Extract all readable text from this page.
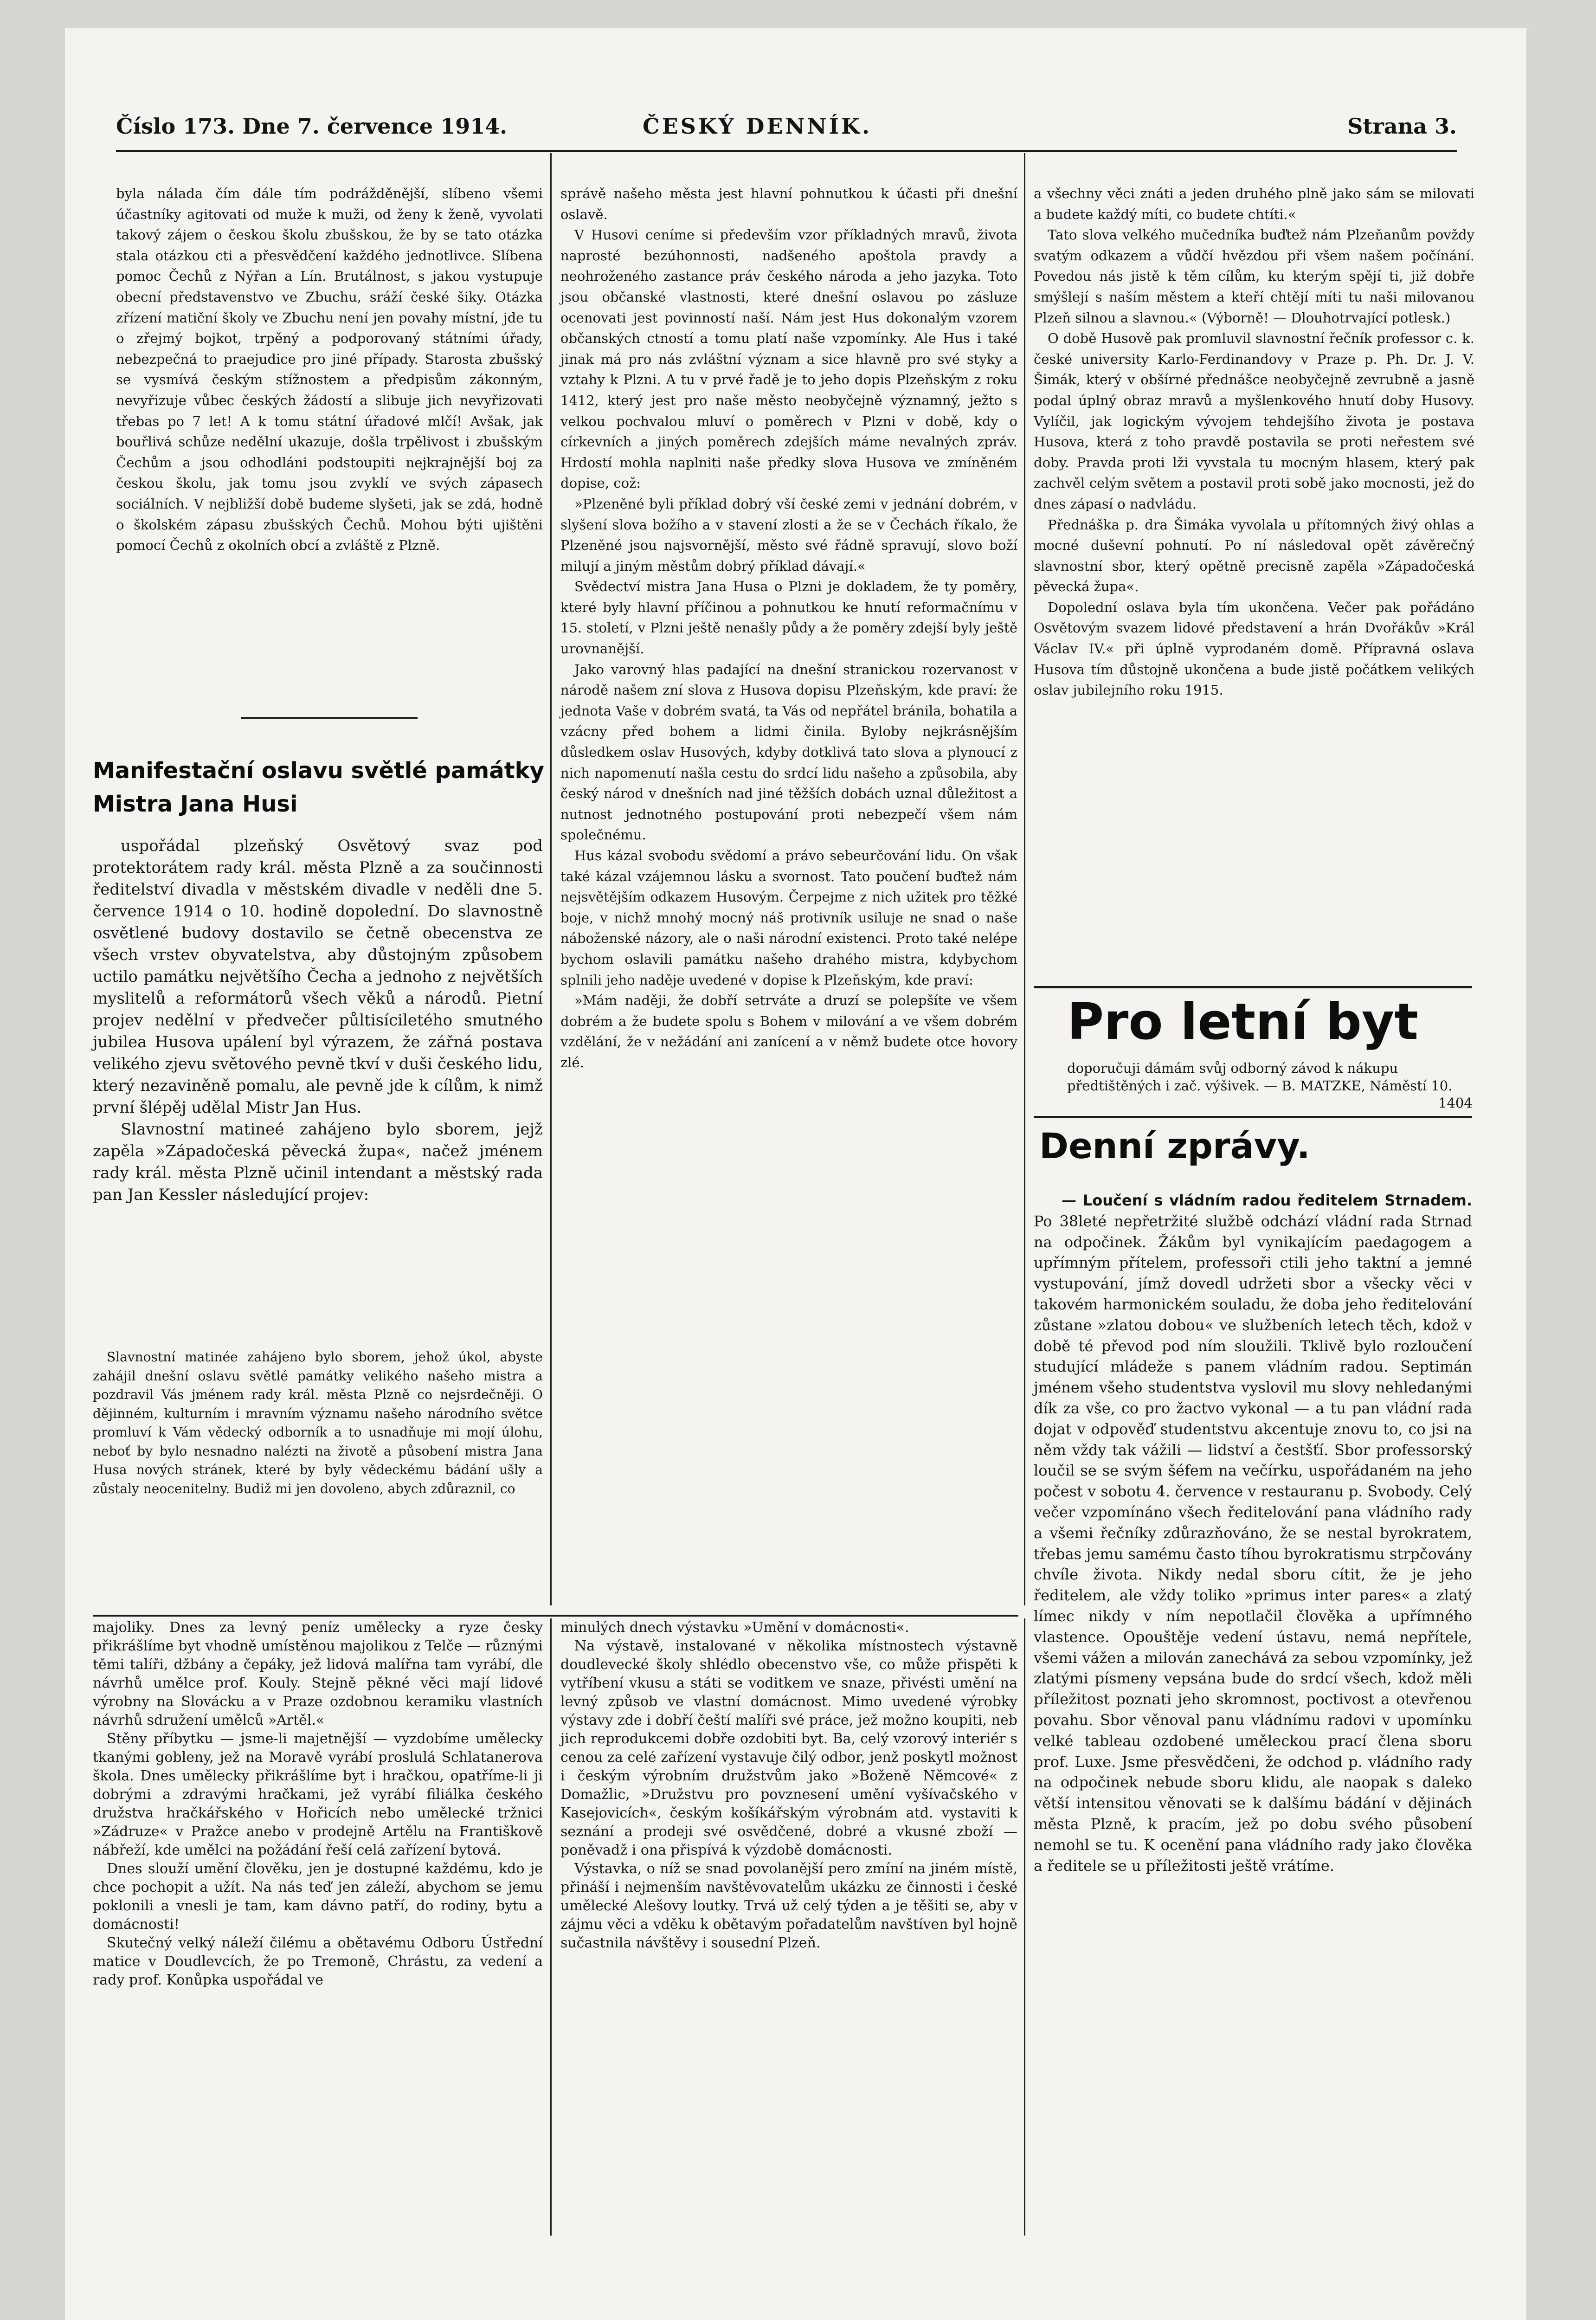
Číslo 173. Dne 7. července 1914.	ČESKÝ DENNÍK.	Strana 3.

byla nálada čím dále tím podrážděnější, slíbeno všemi účastníky agitovati od muže k muži, od ženy k ženě, vyvolati takový zájem o českou školu zbušskou, že by se tato otázka stala otázkou cti a přesvědčení každého jednotlivce. Slíbena pomoc Čechů z Nýřan a Lín. Brutálnost, s jakou vystupuje obecní představenstvo ve Zbuchu, sráží české šiky. Otázka zřízení matiční školy ve Zbuchu není jen povahy místní, jde tu o zřejmý bojkot, trpěný a podporovaný státními úřady, nebezpečná to praejudice pro jiné případy. Starosta zbušský se vysmívá českým stížnostem a předpisům zákonným, nevyřizuje vůbec českých žádostí a slibuje jich nevyřizovati třebas po 7 let! A k tomu státní úřadové mlčí! Avšak, jak bouřlivá schůze nedělní ukazuje, došla trpělivost i zbušským Čechům a jsou odhodláni podstoupiti nejkrajnější boj za českou školu, jak tomu jsou zvyklí ve svých zápasech sociálních. V nejbližší době budeme slyšeti, jak se zdá, hodně o školském zápasu zbušských Čechů. Mohou býti ujištěni pomocí Čechů z okolních obcí a zvláště z Plzně.

Manifestační oslavu světlé památky Mistra Jana Husi

uspořádal plzeňský Osvětový svaz pod protektorátem rady král. města Plzně a za součinnosti ředitelství divadla v městském divadle v neděli dne 5. července 1914 o 10. hodině dopolední. Do slavnostně osvětlené budovy dostavilo se četně obecenstva ze všech vrstev obyvatelstva, aby důstojným způsobem uctilo památku největšího Čecha a jednoho z největších myslitelů a reformátorů všech věků a národů. Pietní projev nedělní v předvečer půltisíciletého smutného jubilea Husova upálení byl výrazem, že zářná postava velikého zjevu světového pevně tkví v duši českého lidu, který nezaviněně pomalu, ale pevně jde k cílům, k nimž první šlépěj udělal Mistr Jan Hus.

Slavnostní matineé zahájeno bylo sborem, jejž zapěla »Západočeská pěvecká župa«, načež jménem rady král. města Plzně učinil intendant a městský rada pan Jan Kessler následující projev:

Slavnostní matinée zahájeno bylo sborem, jehož úkol, abyste zahájil dnešní oslavu světlé památky velikého našeho mistra a pozdravil Vás jménem rady král. města Plzně co nejsrdečněji. O dějinném, kulturním i mravním významu našeho národního světce promluví k Vám vědecký odborník a to usnadňuje mi mojí úlohu, neboť by bylo nesnadno nalézti na životě a působení mistra Jana Husa nových stránek, které by byly vědeckému bádání ušly a zůstaly neocenitelny. Budiž mi jen dovoleno, abych zdůraznil, co

správě našeho města jest hlavní pohnutkou k účasti při dnešní oslavě.

V Husovi ceníme si především vzor příkladných mravů, života naprosté bezúhonnosti, nadšeného apoštola pravdy a neohroženého zastance práv českého národa a jeho jazyka. Toto jsou občanské vlastnosti, které dnešní oslavou po zásluze ocenovati jest povinností naší. Nám jest Hus dokonalým vzorem občanských ctností a tomu platí naše vzpomínky. Ale Hus i také jinak má pro nás zvláštní význam a sice hlavně pro své styky a vztahy k Plzni. A tu v prvé řadě je to jeho dopis Plzeňským z roku 1412, který jest pro naše město neobyčejně významný, ježto s velkou pochvalou mluví o poměrech v Plzni v době, kdy o církevních a jiných poměrech zdejších máme nevalných zpráv. Hrdostí mohla naplniti naše předky slova Husova ve zmíněném dopise, což:

»Plzeněné byli příklad dobrý vší české zemi v jednání dobrém, v slyšení slova božího a v stavení zlosti a že se v Čechách říkalo, že Plzeněné jsou najsvornější, město své řádně spravují, slovo boží milují a jiným městům dobrý příklad dávají.«

Svědectví mistra Jana Husa o Plzni je dokladem, že ty poměry, které byly hlavní příčinou a pohnutkou ke hnutí reformačnímu v 15. století, v Plzni ještě nenašly půdy a že poměry zdejší byly ještě urovnanější.

Jako varovný hlas padající na dnešní stranickou rozervanost v národě našem zní slova z Husova dopisu Plzeňským, kde praví: že jednota Vaše v dobrém svatá, ta Vás od nepřátel bránila, bohatila a vzácny před bohem a lidmi činila. Byloby nejkrásnějším důsledkem oslav Husových, kdyby dotklivá tato slova a plynoucí z nich napomenutí našla cestu do srdcí lidu našeho a způsobila, aby český národ v dnešních nad jiné těžších dobách uznal důležitost a nutnost jednotného postupování proti nebezpečí všem nám společnému.

Hus kázal svobodu svědomí a právo sebeurčování lidu. On však také kázal vzájemnou lásku a svornost. Tato poučení buďtež nám nejsvětějším odkazem Husovým. Čerpejme z nich užitek pro těžké boje, v nichž mnohý mocný náš protivník usiluje ne snad o naše náboženské názory, ale o naši národní existenci. Proto také nelépe bychom oslavili památku našeho drahého mistra, kdybychom splnili jeho naděje uvedené v dopise k Plzeňským, kde praví:

»Mám naději, že dobří setrváte a druzí se polepšíte ve všem dobrém a že budete spolu s Bohem v milování a ve všem dobrém vzdělání, že v nežádání ani zanícení a v němž budete otce hovory zlé.

a všechny věci znáti a jeden druhého plně jako sám se milovati a budete každý míti, co budete chtíti.«

Tato slova velkého mučedníka buďtež nám Plzeňanům povždy svatým odkazem a vůdčí hvězdou při všem našem počínání. Povedou nás jistě k těm cílům, ku kterým spějí ti, již dobře smýšlejí s naším městem a kteří chtějí míti tu naši milovanou Plzeň silnou a slavnou.« (Výborně! — Dlouhotrvající potlesk.)

O době Husově pak promluvil slavnostní řečník professor c. k. české university Karlo-Ferdinandovy v Praze p. Ph. Dr. J. V. Šimák, který v obšírné přednášce neobyčejně zevrubně a jasně podal úplný obraz mravů a myšlenkového hnutí doby Husovy. Vylíčil, jak logickým vývojem tehdejšího života je postava Husova, která z toho pravdě postavila se proti neřestem své doby. Pravda proti lži vyvstala tu mocným hlasem, který pak zachvěl celým světem a postavil proti sobě jako mocnosti, jež do dnes zápasí o nadvládu.

Přednáška p. dra Šimáka vyvolala u přítomných živý ohlas a mocné duševní pohnutí. Po ní následoval opět závěrečný slavnostní sbor, který opětně precisně zapěla »Západočeská pěvecká župa«.

Dopolední oslava byla tím ukončena. Večer pak pořádáno Osvětovým svazem lidové představení a hrán Dvořákův »Král Václav IV.« při úplně vyprodaném domě. Přípravná oslava Husova tím důstojně ukončena a bude jistě počátkem velikých oslav jubilejního roku 1915.

Pro letní byt
doporučuji dámám svůj odborný závod k nákupu předtištěných i zač. výšivek. — B. MATZKE, Náměstí 10.
1404
Denní zprávy.

— Loučení s vládním radou ředitelem Strnadem. Po 38leté nepřetržité službě odchází vládní rada Strnad na odpočinek. Žákům byl vynikajícím paedagogem a upřímným přítelem, professoři ctili jeho taktní a jemné vystupování, jímž dovedl udržeti sbor a všecky věci v takovém harmonickém souladu, že doba jeho ředitelování zůstane »zlatou dobou« ve službeních letech těch, kdož v době té převod pod ním sloužili. Tklivě bylo rozloučení studující mládeže s panem vládním radou. Septimán jménem všeho studentstva vyslovil mu slovy nehledanými dík za vše, co pro žactvo vykonal — a tu pan vládní rada dojat v odpověď studentstvu akcentuje znovu to, co jsi na něm vždy tak vážili — lidství a čestšťí. Sbor professorský loučil se se svým šéfem na večírku, uspořádaném na jeho počest v sobotu 4. července v restauranu p. Svobody. Celý večer vzpomínáno všech ředitelování pana vládního rady a všemi řečníky zdůrazňováno, že se nestal byrokratem, třebas jemu samému často tíhou byrokratismu strpčovány chvíle života. Nikdy nedal sboru cítit, že je jeho ředitelem, ale vždy toliko »primus inter pares« a zlatý límec nikdy v ním nepotlačil člověka a upřímného vlastence. Opouštěje vedení ústavu, nemá nepřítele, všemi vážen a milován zanechává za sebou vzpomínky, jež zlatými písmeny vepsána bude do srdcí všech, kdož měli příležitost poznati jeho skromnost, poctivost a otevřenou povahu. Sbor věnoval panu vládnímu radovi v upomínku velké tableau ozdobené uměleckou prací člena sboru prof. Luxe. Jsme přesvědčeni, že odchod p. vládního rady na odpočinek nebude sboru klidu, ale naopak s daleko větší intensitou věnovati se k dalšímu bádání v dějinách města Plzně, k pracím, jež po dobu svého působení nemohl se tu. K ocenění pana vládního rady jako člověka a ředitele se u příležitosti ještě vrátíme.

majoliky. Dnes za levný peníz umělecky a ryze česky přikrášlíme byt vhodně umístěnou majolikou z Telče — různými těmi talíři, džbány a čepáky, jež lidová malířna tam vyrábí, dle návrhů umělce prof. Kouly. Stejně pěkné věci mají lidové výrobny na Slovácku a v Praze ozdobnou keramiku vlastních návrhů sdružení umělců »Artěl.«

Stěny příbytku — jsme-li majetnější — vyzdobíme umělecky tkanými gobleny, jež na Moravě vyrábí proslulá Schlatanerova škola. Dnes umělecky přikrášlíme byt i hračkou, opatříme-li ji dobrými a zdravými hračkami, jež vyrábí filiálka českého družstva hračkářského v Hořicích nebo umělecké tržnici »Zádruze« v Pražce anebo v prodejně Artělu na Františkově nábřeží, kde umělci na požádání řeší celá zařízení bytová.

Dnes slouží umění člověku, jen je dostupné každému, kdo je chce pochopit a užít. Na nás teď jen záleží, abychom se jemu poklonili a vnesli je tam, kam dávno patří, do rodiny, bytu a domácnosti!

Skutečný velký náleží čilému a obětavému Odboru Ústřední matice v Doudlevcích, že po Tremoně, Chrástu, za vedení a rady prof. Konůpka uspořádal ve

minulých dnech výstavku »Umění v domácnosti«.

Na výstavě, instalované v několika místnostech výstavně doudlevecké školy shlédlo obecenstvo vše, co může přispěti k vytříbení vkusu a státi se voditkem ve snaze, přivésti umění na levný způsob ve vlastní domácnost. Mimo uvedené výrobky výstavy zde i dobří čeští malíři své práce, jež možno koupiti, neb jich reprodukcemi dobře ozdobiti byt. Ba, celý vzorový interiér s cenou za celé zařízení vystavuje čilý odbor, jenž poskytl možnost i českým výrobním družstvům jako »Boženě Němcové« z Domažlic, »Družstvu pro povznesení umění vyšívačského v Kasejovicích«, českým košíkářským výrobnám atd. vystaviti k seznání a prodeji své osvědčené, dobré a vkusné zboží — poněvadž i ona přispívá k výzdobě domácnosti.

Výstavka, o níž se snad povolanější pero zmíní na jiném místě, přináší i nejmenším navštěvovatelům ukázku ze činnosti i české umělecké Alešovy loutky. Trvá už celý týden a je těšiti se, aby v zájmu věci a vděku k obětavým pořadatelům navštíven byl hojně sučastnila návštěvy i sousední Plzeň.
